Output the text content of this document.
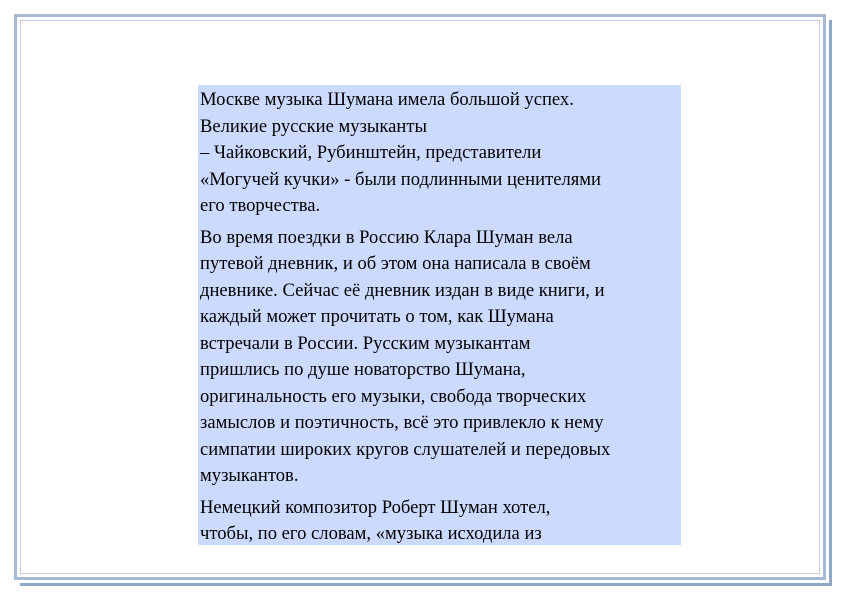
Москве музыка Шумана имела большой успех.
Великие русские музыканты
– Чайковский, Рубинштейн, представители
«Могучей кучки» - были подлинными ценителями
его творчества.

Во время поездки в Россию Клара Шуман вела
путевой дневник, и об этом она написала в своём
дневнике. Сейчас её дневник издан в виде книги, и
каждый может прочитать о том, как Шумана
встречали в России. Русским музыкантам
пришлись по душе новаторство Шумана,
оригинальность его музыки, свобода творческих
замыслов и поэтичность, всё это привлекло к нему
симпатии широких кругов слушателей и передовых
музыкантов.

Немецкий композитор Роберт Шуман хотел,
чтобы, по его словам, «музыка исходила из
